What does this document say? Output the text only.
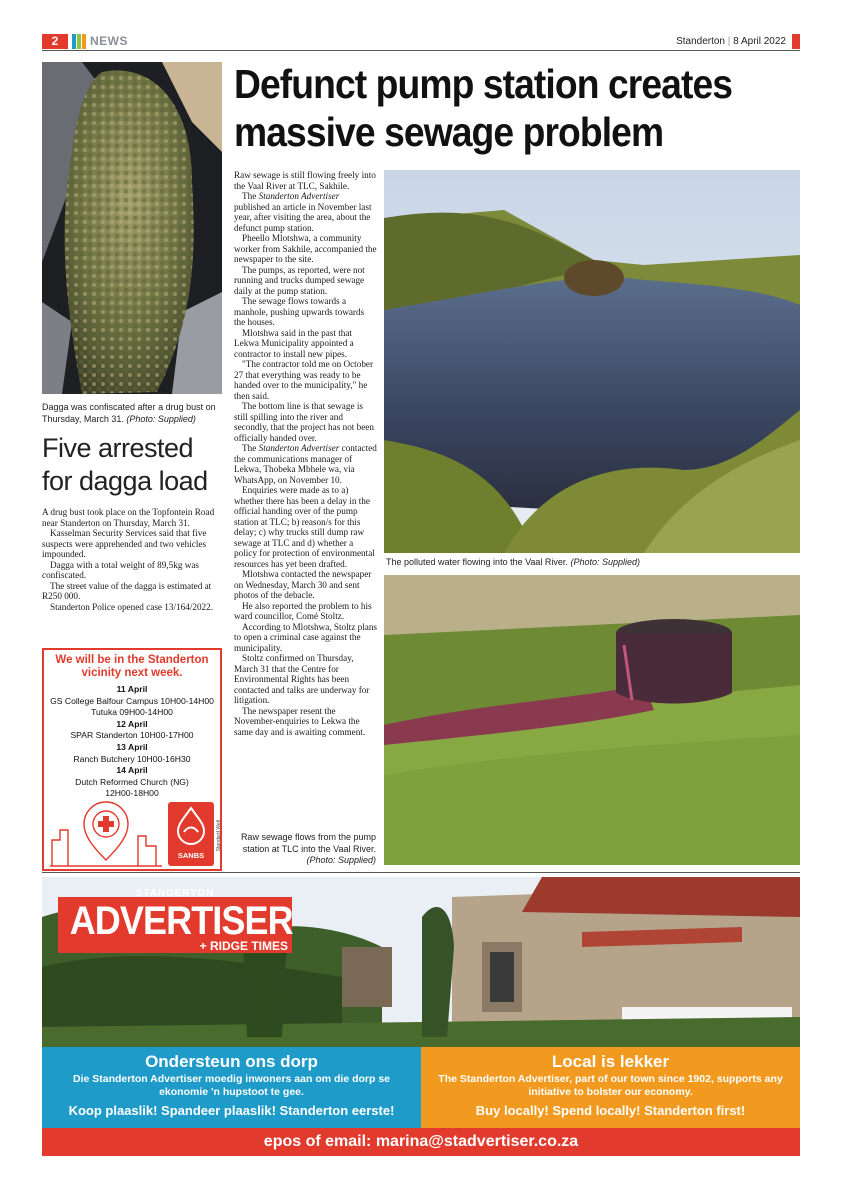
2	NEWS	Standerton | 8 April 2022
Dagga was confiscated after a drug bust on Thursday, March 31. (Photo: Supplied)
Five arrested for dagga load

A drug bust took place on the Topfontein Road near Standerton on Thursday, March 31.

Kasselman Security Services said that five suspects were apprehended and two vehicles impounded.

Dagga with a total weight of 89,5kg was confiscated.

The street value of the dagga is estimated at R250 000.

Standerton Police opened case 13/164/2022.

We will be in the Standerton vicinity next week.
11 April
GS College Balfour Campus 10H00-14H00
Tutuka 09H00-14H00
12 April
SPAR Standerton 10H00-17H00
13 April
Ranch Butchery 10H00-16H30
14 April
Dutch Reformed Church (NG)
12H00-18H00
SANBS
Standard Well
Defunct pump station creates massive sewage problem

Raw sewage is still flowing freely into the Vaal River at TLC, Sakhile.

The Standerton Advertiser published an article in November last year, after visiting the area, about the defunct pump station.

Pheello Mlotshwa, a community worker from Sakhile, accompanied the newspaper to the site.

The pumps, as reported, were not running and trucks dumped sewage daily at the pump station.

The sewage flows towards a manhole, pushing upwards towards the houses.

Mlotshwa said in the past that Lekwa Municipality appointed a contractor to install new pipes.

"The contractor told me on October 27 that everything was ready to be handed over to the municipality," he then said.

The bottom line is that sewage is still spilling into the river and secondly, that the project has not been officially handed over.

The Standerton Advertiser contacted the communications manager of Lekwa, Thobeka Mbhele wa, via WhatsApp, on November 10.

Enquiries were made as to a) whether there has been a delay in the official handing over of the pump station at TLC; b) reason/s for this delay; c) why trucks still dump raw sewage at TLC and d) whether a policy for protection of environmental resources has yet been drafted.

Mlotshwa contacted the newspaper on Wednesday, March 30 and sent photos of the debacle.

He also reported the problem to his ward councillor, Comé Stoltz.

According to Mlotshwa, Stoltz plans to open a criminal case against the municipality.

Stoltz confirmed on Thursday, March 31 that the Centre for Environmental Rights has been contacted and talks are underway for litigation.

The newspaper resent the November-enquiries to Lekwa the same day and is awaiting comment.

Raw sewage flows from the pump station at TLC into the Vaal River. (Photo: Supplied)
The polluted water flowing into the Vaal River. (Photo: Supplied)
STANDERTON
ADVERTISER
+ RIDGE TIMES
Ondersteun ons dorp
Die Standerton Advertiser moedig inwoners aan om die dorp se ekonomie 'n hupstoot te gee.
Koop plaaslik! Spandeer plaaslik! Standerton eerste!
Local is lekker
The Standerton Advertiser, part of our town since 1902, supports any initiative to bolster our economy.
Buy locally! Spend locally! Standerton first!
epos of email: marina@stadvertiser.co.za
